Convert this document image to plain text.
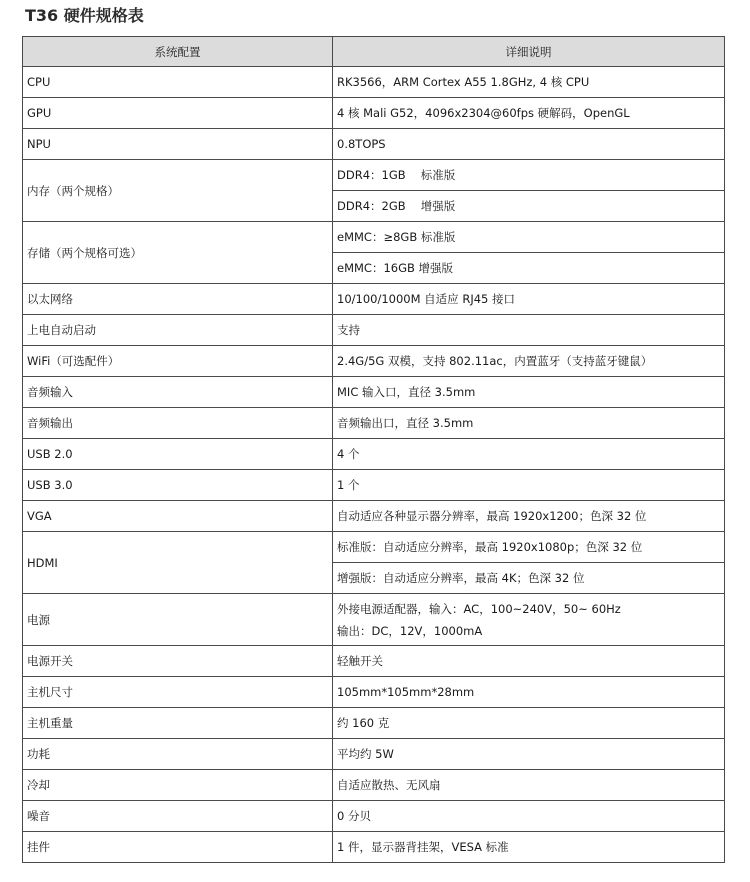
T36 硬件规格表
系统配置	详细说明
CPU	RK3566，ARM Cortex A55 1.8GHz, 4 核 CPU
GPU	4 核 Mali G52，4096x2304@60fps 硬解码，OpenGL
NPU	0.8TOPS
内存（两个规格）	DDR4：1GB　 标准版
	DDR4：2GB　 增强版
存储（两个规格可选）	eMMC：≥8GB 标准版
	eMMC：16GB 增强版
以太网络	10/100/1000M 自适应 RJ45 接口
上电自动启动	支持
WiFi（可选配件）	2.4G/5G 双模，支持 802.11ac，内置蓝牙（支持蓝牙键鼠）
音频输入	MIC 输入口，直径 3.5mm
音频输出	音频输出口，直径 3.5mm
USB 2.0	4 个
USB 3.0	1 个
VGA	自动适应各种显示器分辨率，最高 1920x1200；色深 32 位
HDMI	标准版：自动适应分辨率，最高 1920x1080p；色深 32 位
	增强版：自动适应分辨率，最高 4K；色深 32 位
电源	外接电源适配器，输入：AC，100~240V，50~ 60Hz
输出：DC，12V，1000mA

电源开关	轻触开关
主机尺寸	105mm*105mm*28mm
主机重量	约 160 克
功耗	平均约 5W
冷却	自适应散热、无风扇
噪音	0 分贝
挂件	1 件，显示器背挂架，VESA 标准
